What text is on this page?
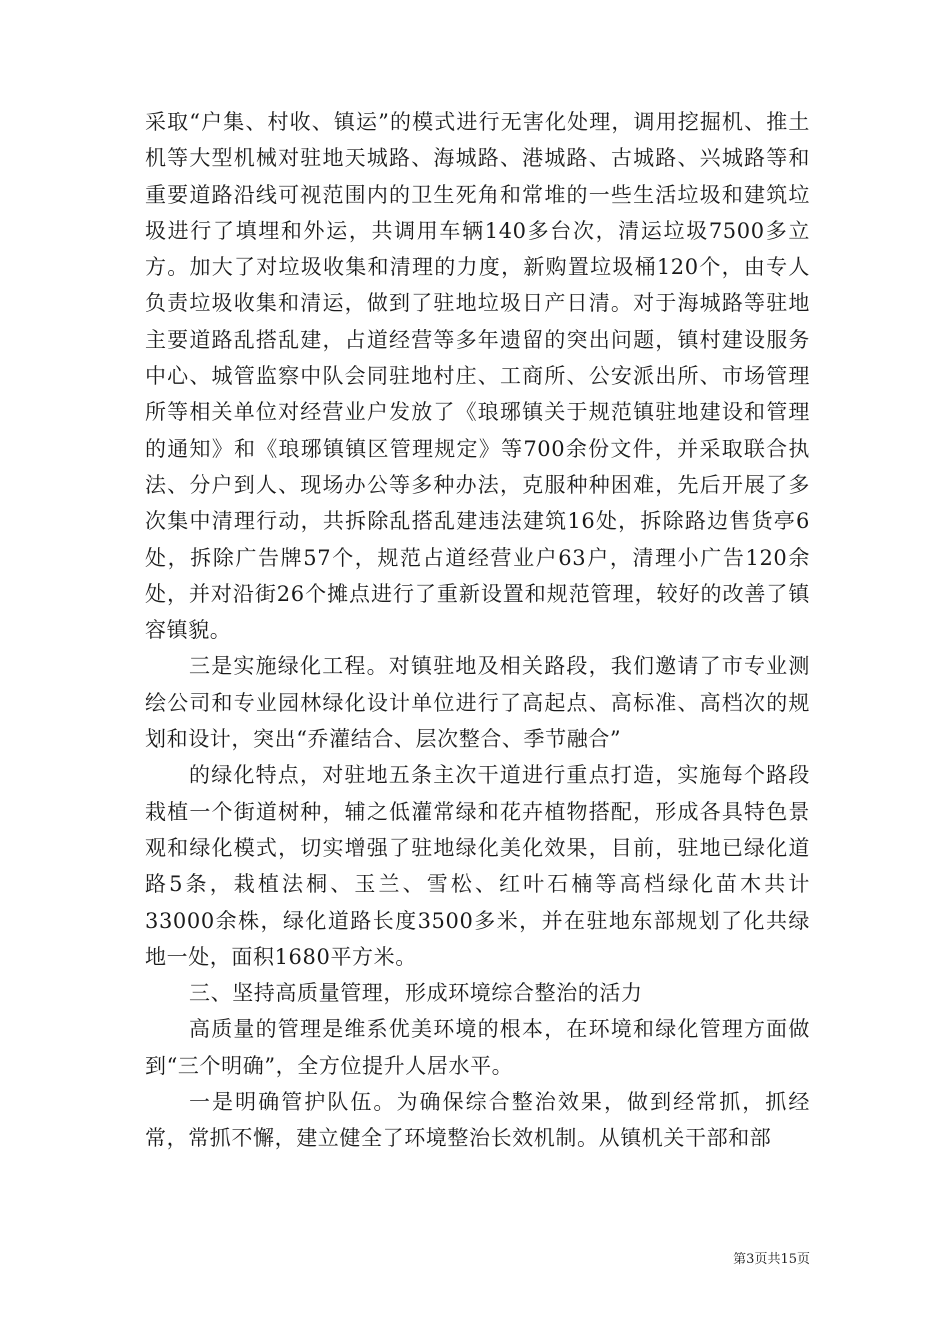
采取“户集、村收、镇运”的模式进行无害化处理，调用挖掘机、推土机等大型机械对驻地天城路、海城路、港城路、古城路、兴城路等和重要道路沿线可视范围内的卫生死角和常堆的一些生活垃圾和建筑垃圾进行了填埋和外运，共调用车辆140多台次，清运垃圾7500多立方。加大了对垃圾收集和清理的力度，新购置垃圾桶120个，由专人负责垃圾收集和清运，做到了驻地垃圾日产日清。对于海城路等驻地主要道路乱搭乱建，占道经营等多年遗留的突出问题，镇村建设服务中心、城管监察中队会同驻地村庄、工商所、公安派出所、市场管理所等相关单位对经营业户发放了《琅琊镇关于规范镇驻地建设和管理的通知》和《琅琊镇镇区管理规定》等700余份文件，并采取联合执法、分户到人、现场办公等多种办法，克服种种困难，先后开展了多次集中清理行动，共拆除乱搭乱建违法建筑16处，拆除路边售货亭6处，拆除广告牌57个，规范占道经营业户63户，清理小广告120余处，并对沿街26个摊点进行了重新设置和规范管理，较好的改善了镇容镇貌。

三是实施绿化工程。对镇驻地及相关路段，我们邀请了市专业测绘公司和专业园林绿化设计单位进行了高起点、高标准、高档次的规划和设计，突出“乔灌结合、层次整合、季节融合”

的绿化特点，对驻地五条主次干道进行重点打造，实施每个路段栽植一个街道树种，辅之低灌常绿和花卉植物搭配，形成各具特色景观和绿化模式，切实增强了驻地绿化美化效果，目前，驻地已绿化道路5条，栽植法桐、玉兰、雪松、红叶石楠等高档绿化苗木共计33000余株，绿化道路长度3500多米，并在驻地东部规划了化共绿地一处，面积1680平方米。

三、坚持高质量管理，形成环境综合整治的活力

高质量的管理是维系优美环境的根本，在环境和绿化管理方面做到“三个明确”，全方位提升人居水平。

一是明确管护队伍。为确保综合整治效果，做到经常抓，抓经常，常抓不懈，建立健全了环境整治长效机制。从镇机关干部和部

第3页共15页
